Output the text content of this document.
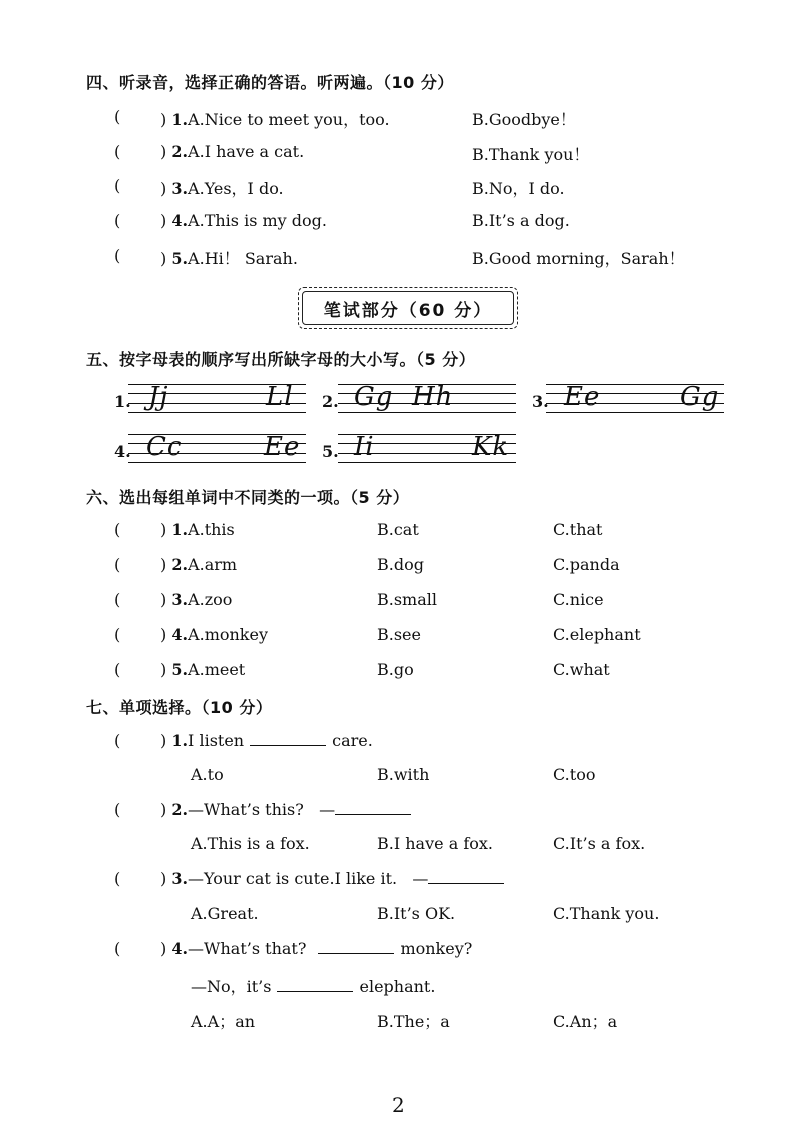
四、听录音，选择正确的答语。听两遍。（10 分）
( ) 1.A.Nice to meet you，too.	B.Goodbye！
( ) 2.A.I have a cat.	B.Thank you！
( ) 3.A.Yes，I do.	B.No，I do.
( ) 4.A.This is my dog.	B.It’s a dog.
( ) 5.A.Hi！ Sarah.	B.Good morning，Sarah！
笔试部分（60 分）
五、按字母表的顺序写出所缺字母的大小写。（5 分）
1. Jj	Ll 2. Gg Hh	3. Ee	Gg
4. Cc	Ee 5. Ii	Kk
六、选出每组单词中不同类的一项。（5 分）
( ) 1.A.this	B.cat	C.that
( ) 2.A.arm	B.dog	C.panda
( ) 3.A.zoo	B.small	C.nice
( ) 4.A.monkey	B.see	C.elephant
( ) 5.A.meet	B.go	C.what
七、单项选择。（10 分）
( ) 1.I listen	care.
A.to	B.with	C.too
( ) 2.—What’s this? —
A.This is a fox.	B.I have a fox.	C.It’s a fox.
( ) 3.—Your cat is cute.I like it. —
A.Great.	B.It’s OK.	C.Thank you.
( ) 4.—What’s that?	monkey?
—No，it’s	elephant.
A.A；an	B.The；a	C.An；a
2
